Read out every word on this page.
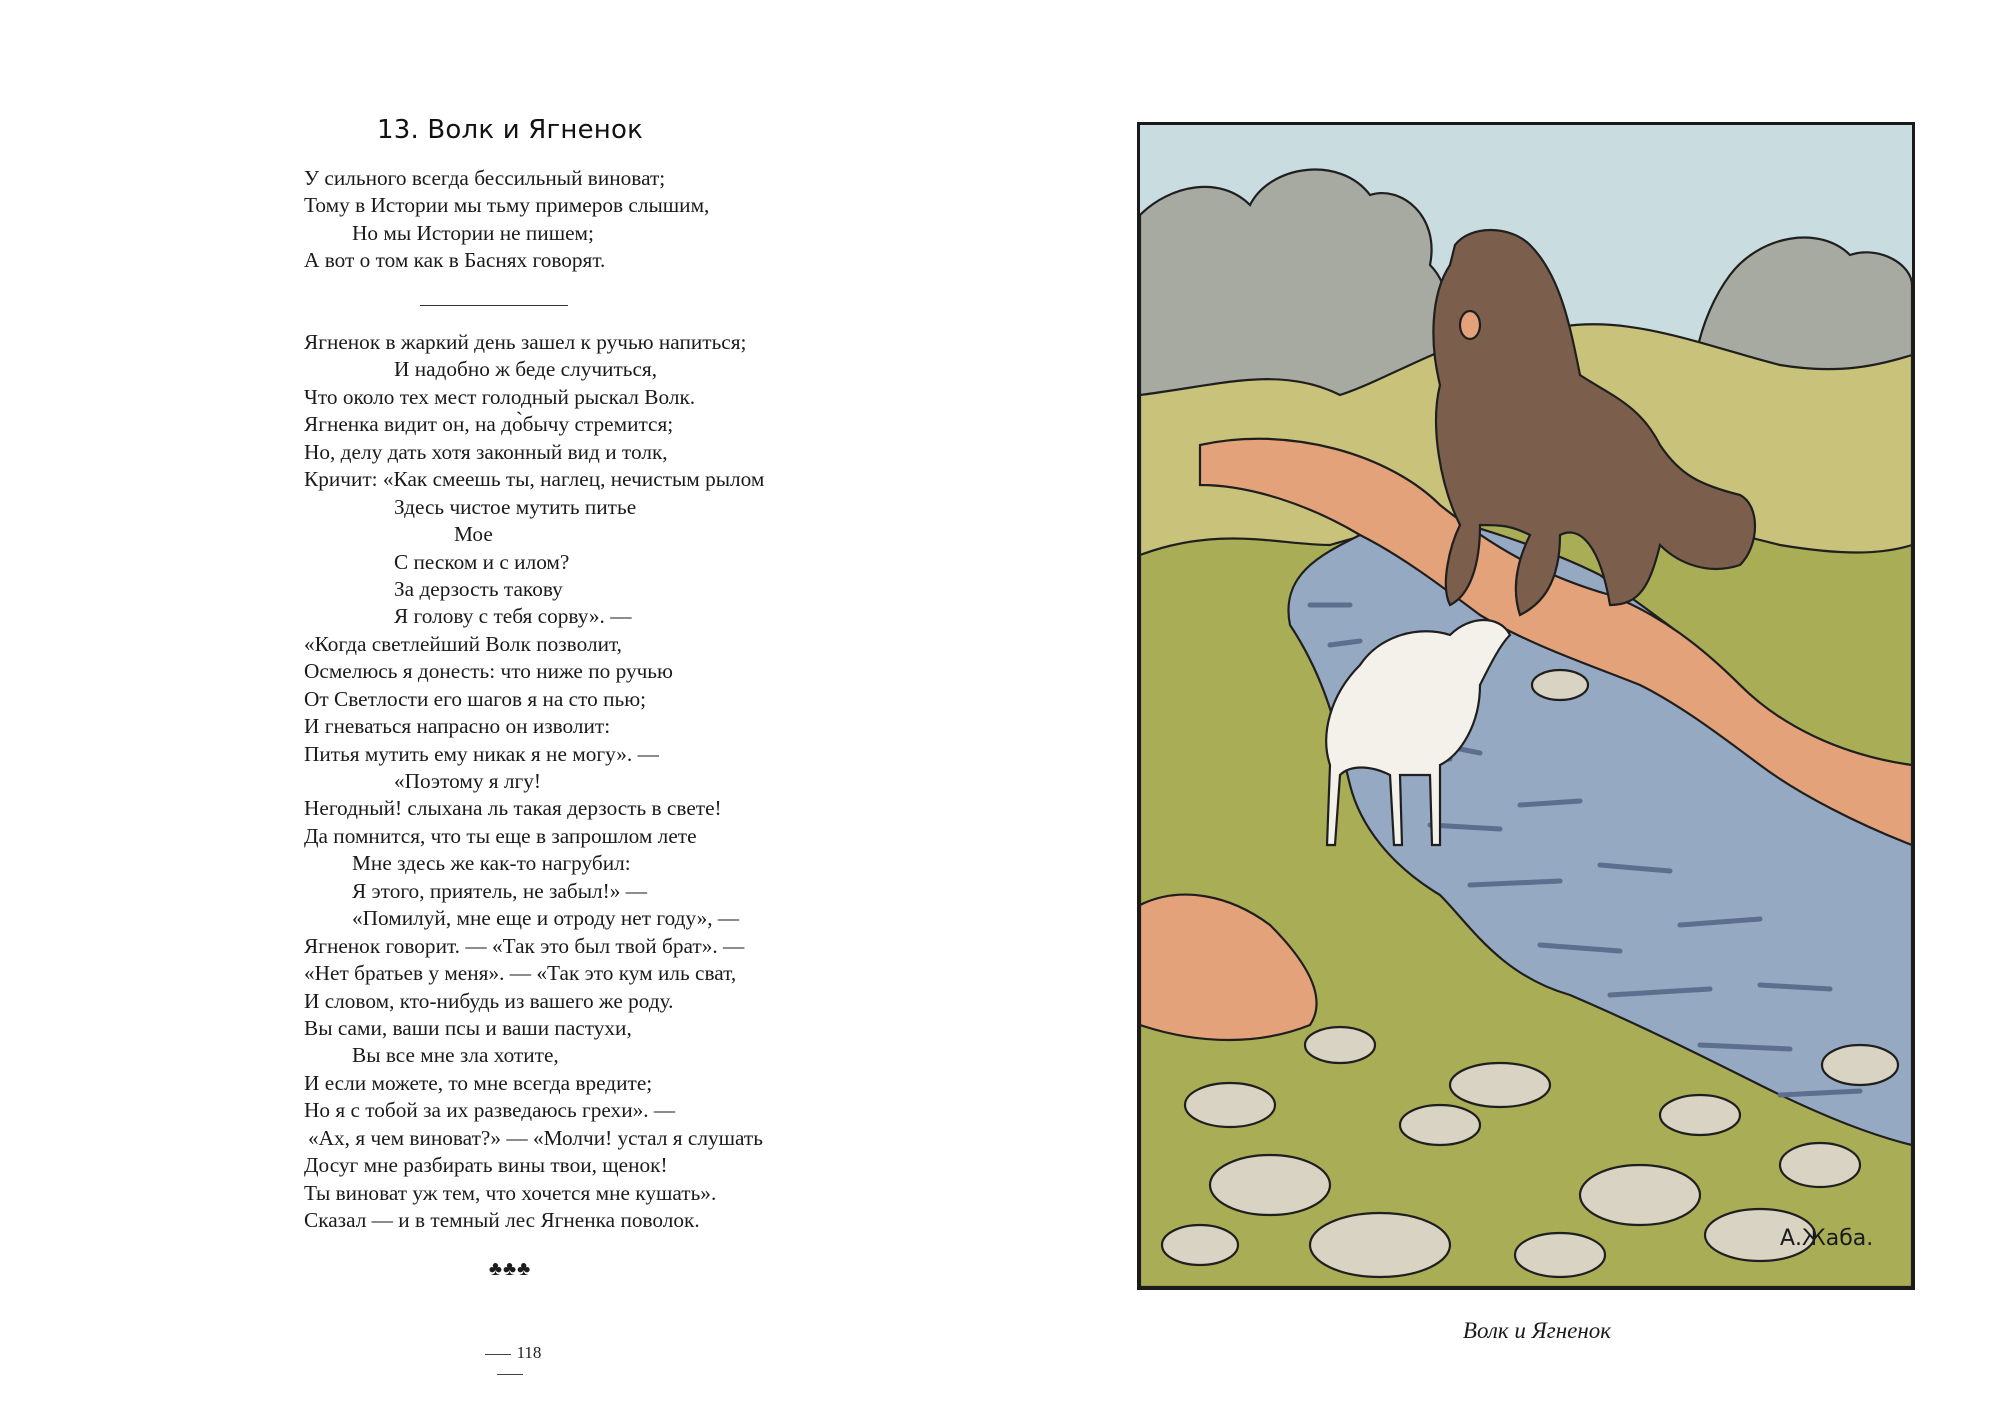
13. Волк и Ягненок
У сильного всегда бессильный виноват;
Тому в Истории мы тьму примеров слышим,
Но мы Истории не пишем;
А вот о том как в Баснях говорят.
Ягненок в жаркий день зашел к ручью напиться;
И надобно ж беде случиться,
Что около тех мест голодный рыскал Волк.
Ягненка видит он, на до̀бычу стремится;
Но, делу дать хотя законный вид и толк,
Кричит: «Как смеешь ты, наглец, нечистым рылом
Здесь чистое мутить питье
Мое
С песком и с илом?
За дерзость такову
Я голову с тебя сорву». —
«Когда светлейший Волк позволит,
Осмелюсь я донесть: что ниже по ручью
От Светлости его шагов я на сто пью;
И гневаться напрасно он изволит:
Питья мутить ему никак я не могу». —
«Поэтому я лгу!
Негодный! слыхана ль такая дерзость в свете!
Да помнится, что ты еще в запрошлом лете
Мне здесь же как-то нагрубил:
Я этого, приятель, не забыл!» —
«Помилуй, мне еще и отроду нет году», —
Ягненок говорит. — «Так это был твой брат». —
«Нет братьев у меня». — «Так это кум иль сват,
И словом, кто-нибудь из вашего же роду.
Вы сами, ваши псы и ваши пастухи,
Вы все мне зла хотите,
И если можете, то мне всегда вредите;
Но я с тобой за их разведаюсь грехи». —
«Ах, я чем виноват?» — «Молчи! устал я слушать
Досуг мне разбирать вины твои, щенок!
Ты виноват уж тем, что хочется мне кушать».
Сказал — и в темный лес Ягненка поволок.
♣♣♣
118
А.Жаба.
Волк и Ягненок
